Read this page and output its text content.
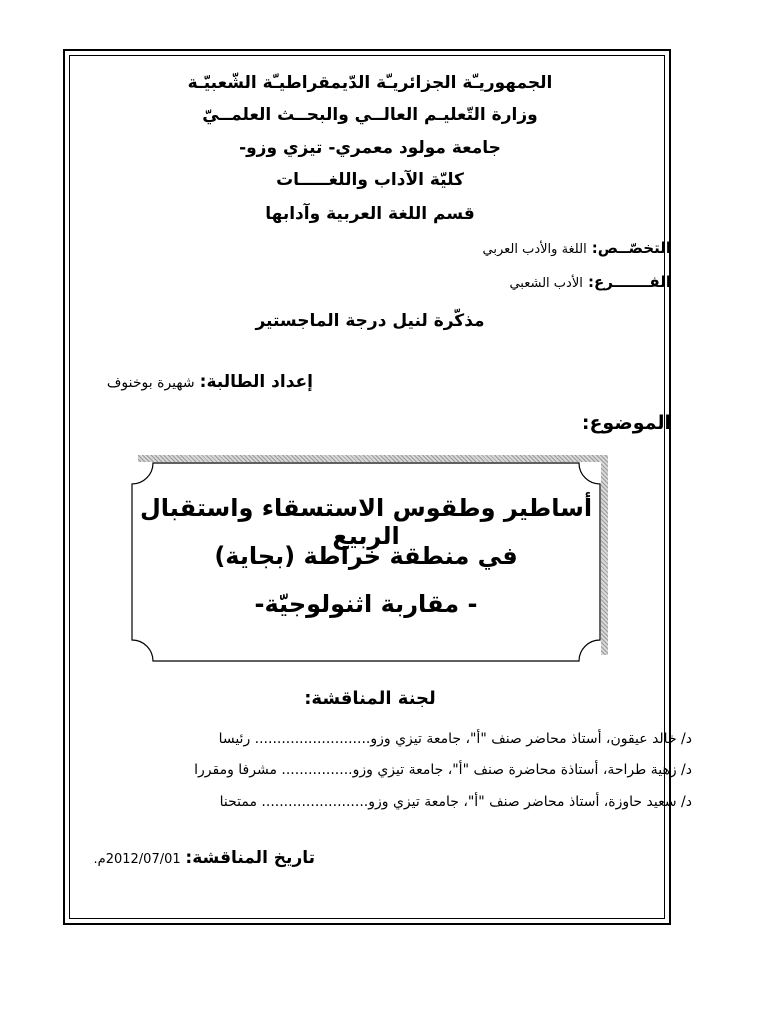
الجمهوريـّة الجزائريـّة الدّيمقراطيـّة الشّعبيّـة
وزارة التّعليـم العالــي والبحــث العلمــيّ
جامعة مولود معمري- تيزي وزو-
كليّة الآداب واللغـــــات
قسم اللغة العربية وآدابها
التخصّــص: اللغة والأدب العربي
الفـــــــرع: الأدب الشعبي
مذكّرة لنيل درجة الماجستير
إعداد الطالبة: شهيرة بوخنوف
الموضوع:
أساطير وطقوس الاستسقاء واستقبال الربيع
في منطقة خراطة (بجاية)
- مقاربة اثنولوجيّة-
لجنة المناقشة:
د/ خالد عيقون، أستاذ محاضر صنف "أ"، جامعة تيزي وزو.......................... رئيسا
د/ زهية طراحة، أستاذة محاضرة صنف "أ"، جامعة تيزي وزو................ مشرفا ومقررا
د/ سعيد حاوزة، أستاذ محاضر صنف "أ"، جامعة تيزي وزو........................ ممتحنا
تاريخ المناقشة: 2012/07/01م.
